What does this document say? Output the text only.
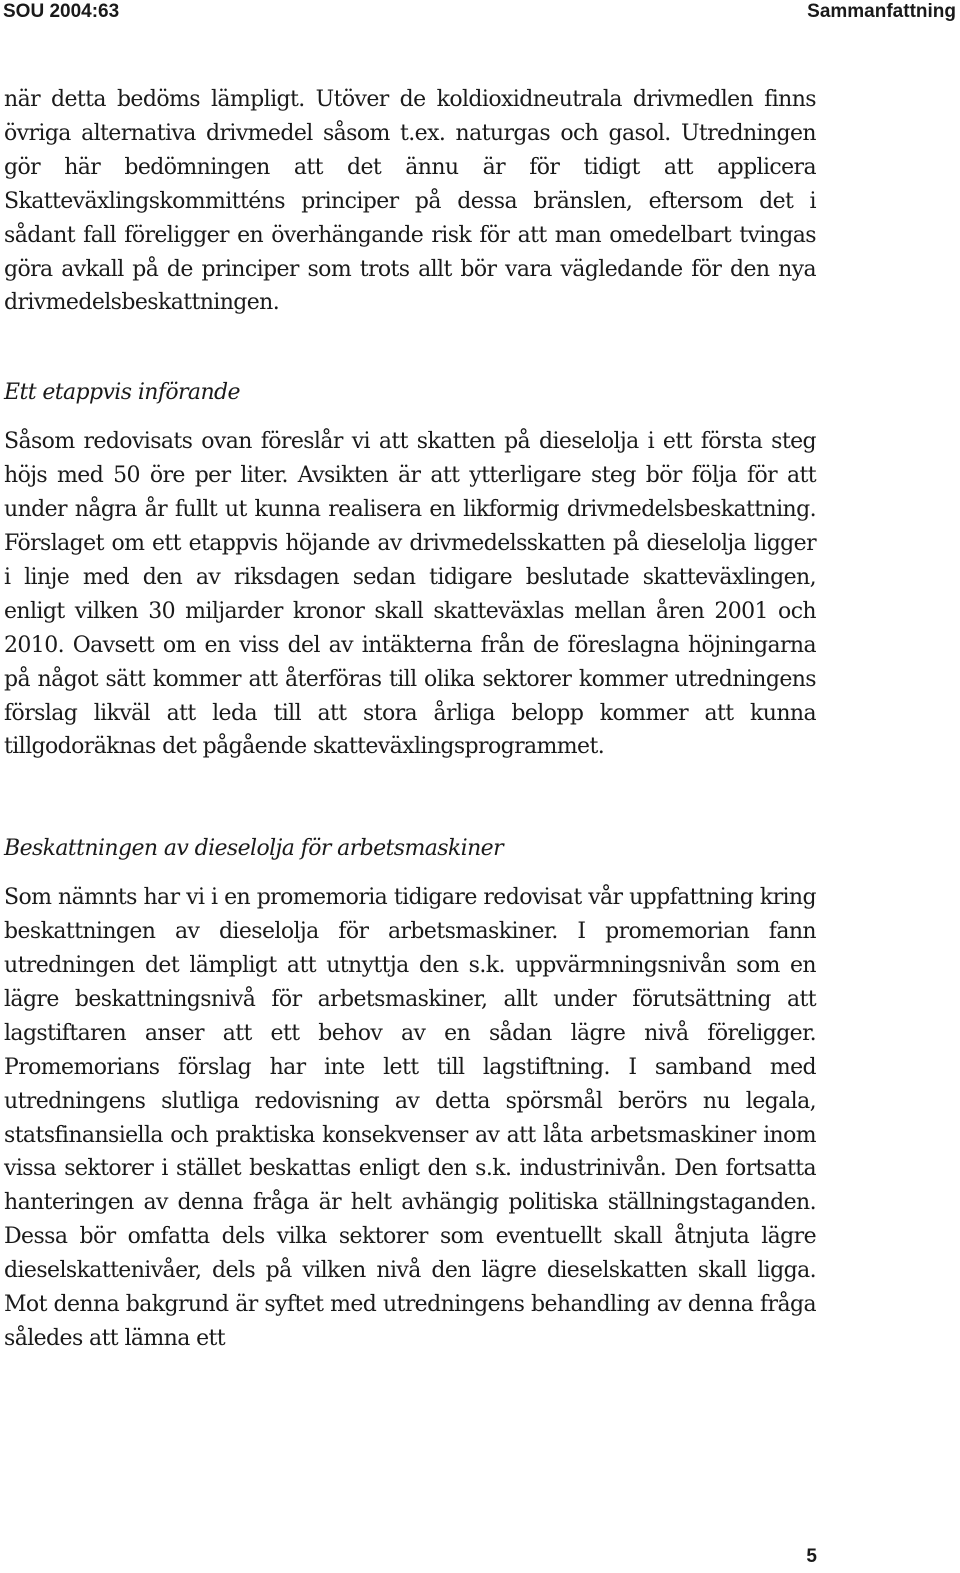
SOU 2004:63	Sammanfattning

när detta bedöms lämpligt. Utöver de koldioxidneutrala drivmedlen finns övriga alternativa drivmedel såsom t.ex. naturgas och gasol. Utredningen gör här bedömningen att det ännu är för tidigt att applicera Skatteväxlingskommitténs principer på dessa bränslen, eftersom det i sådant fall föreligger en överhängande risk för att man omedelbart tvingas göra avkall på de principer som trots allt bör vara vägledande för den nya drivmedelsbeskattningen.

Ett etappvis införande

Såsom redovisats ovan föreslår vi att skatten på dieselolja i ett första steg höjs med 50 öre per liter. Avsikten är att ytterligare steg bör följa för att under några år fullt ut kunna realisera en likformig drivmedelsbeskattning. Förslaget om ett etappvis höjande av drivmedelsskatten på dieselolja ligger i linje med den av riksdagen sedan tidigare beslutade skatteväxlingen, enligt vilken 30 miljarder kronor skall skatteväxlas mellan åren 2001 och 2010. Oavsett om en viss del av intäkterna från de föreslagna höjningarna på något sätt kommer att återföras till olika sektorer kommer utredningens förslag likväl att leda till att stora årliga belopp kommer att kunna tillgodoräknas det pågående skatteväxlingsprogrammet.

Beskattningen av dieselolja för arbetsmaskiner

Som nämnts har vi i en promemoria tidigare redovisat vår uppfattning kring beskattningen av dieselolja för arbetsmaskiner. I promemorian fann utredningen det lämpligt att utnyttja den s.k. uppvärmningsnivån som en lägre beskattningsnivå för arbetsmaskiner, allt under förutsättning att lagstiftaren anser att ett behov av en sådan lägre nivå föreligger. Promemorians förslag har inte lett till lagstiftning. I samband med utredningens slutliga redovisning av detta spörsmål berörs nu legala, statsfinansiella och praktiska konsekvenser av att låta arbetsmaskiner inom vissa sektorer i stället beskattas enligt den s.k. industrinivån. Den fortsatta hanteringen av denna fråga är helt avhängig politiska ställningstaganden. Dessa bör omfatta dels vilka sektorer som eventuellt skall åtnjuta lägre dieselskattenivåer, dels på vilken nivå den lägre dieselskatten skall ligga. Mot denna bakgrund är syftet med utredningens behandling av denna fråga således att lämna ett

5
